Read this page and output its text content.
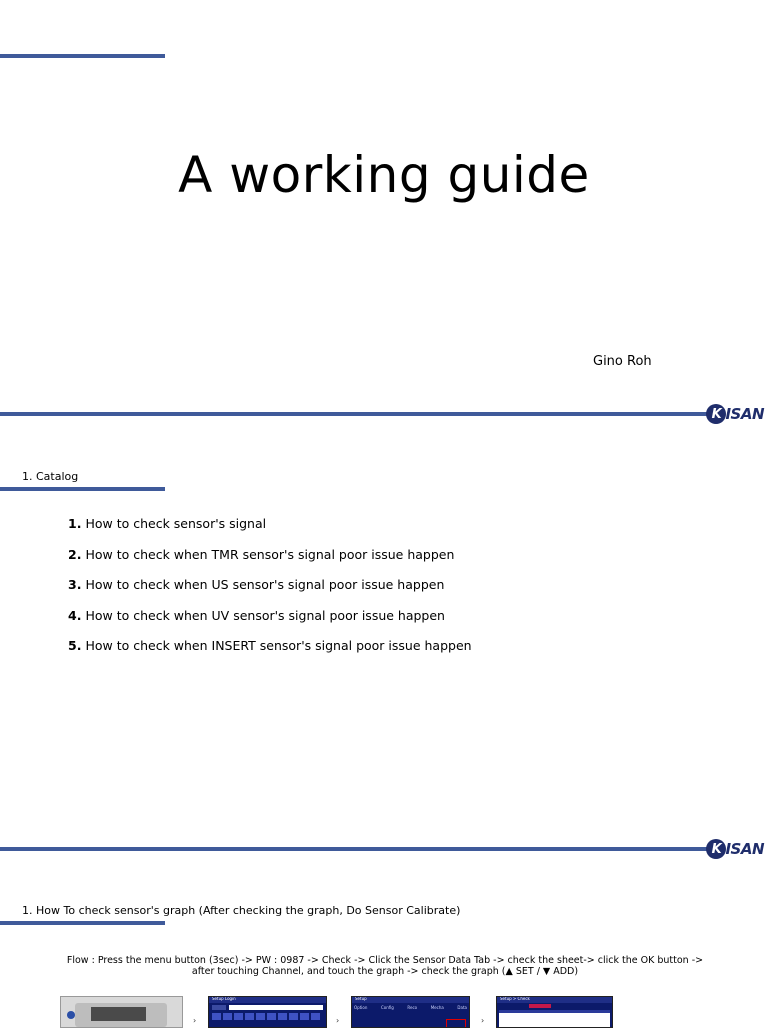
A working guide
Gino Roh
K ISAN
1. Catalog
1. How to check sensor's signal
2. How to check when TMR sensor's signal poor issue happen
3. How to check when US sensor's signal poor issue happen
4. How to check when UV sensor's signal poor issue happen
5. How to check when INSERT sensor's signal poor issue happen
K ISAN
1. How To check sensor's graph (After checking the graph, Do Sensor Calibrate)
Flow : Press the menu button (3sec) -> PW : 0987 -> Check -> Click the Sensor Data Tab -> check the sheet-> click the OK button ->
after touching Channel, and touch the graph -> check the graph (▲ SET / ▼ ADD)
›
Setup Login
›
Setup
Option	Config	Reco	Mecha	Data
›
Setup > Check
